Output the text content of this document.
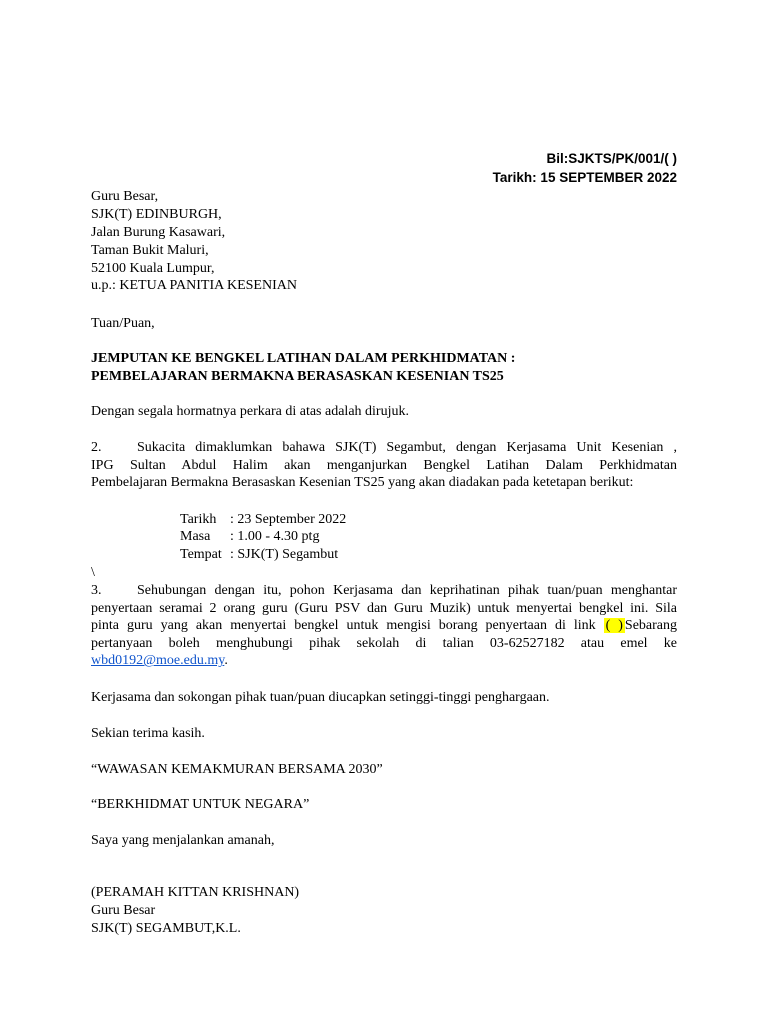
Bil:SJKTS/PK/001/( )
Tarikh: 15 SEPTEMBER 2022
Guru Besar,
SJK(T) EDINBURGH,
Jalan Burung Kasawari,
Taman Bukit Maluri,
52100 Kuala Lumpur,
u.p.: KETUA PANITIA KESENIAN
Tuan/Puan,
JEMPUTAN KE BENGKEL LATIHAN DALAM PERKHIDMATAN :
PEMBELAJARAN BERMAKNA BERASASKAN KESENIAN TS25
Dengan segala hormatnya perkara di atas adalah dirujuk.
2.	Sukacita dimaklumkan bahawa SJK(T) Segambut, dengan Kerjasama Unit Kesenian ,
IPG Sultan Abdul Halim akan menganjurkan Bengkel Latihan Dalam Perkhidmatan
Pembelajaran Bermakna Berasaskan Kesenian TS25 yang akan diadakan pada ketetapan berikut:
Tarikh : 23 September 2022
Masa : 1.00 - 4.30 ptg
Tempat : SJK(T) Segambut
\
3.	Sehubungan dengan itu, pohon Kerjasama dan keprihatinan pihak tuan/puan menghantar
penyertaan seramai 2 orang guru (Guru PSV dan Guru Muzik) untuk menyertai bengkel ini. Sila
pinta guru yang akan menyertai bengkel untuk mengisi borang penyertaan di link ( ) Sebarang
pertanyaan boleh menghubungi pihak sekolah di talian 03-62527182 atau emel ke
wbd0192@moe.edu.my.
Kerjasama dan sokongan pihak tuan/puan diucapkan setinggi-tinggi penghargaan.
Sekian terima kasih.
“WAWASAN KEMAKMURAN BERSAMA 2030”
“BERKHIDMAT UNTUK NEGARA”
Saya yang menjalankan amanah,
(PERAMAH KITTAN KRISHNAN)
Guru Besar
SJK(T) SEGAMBUT,K.L.
